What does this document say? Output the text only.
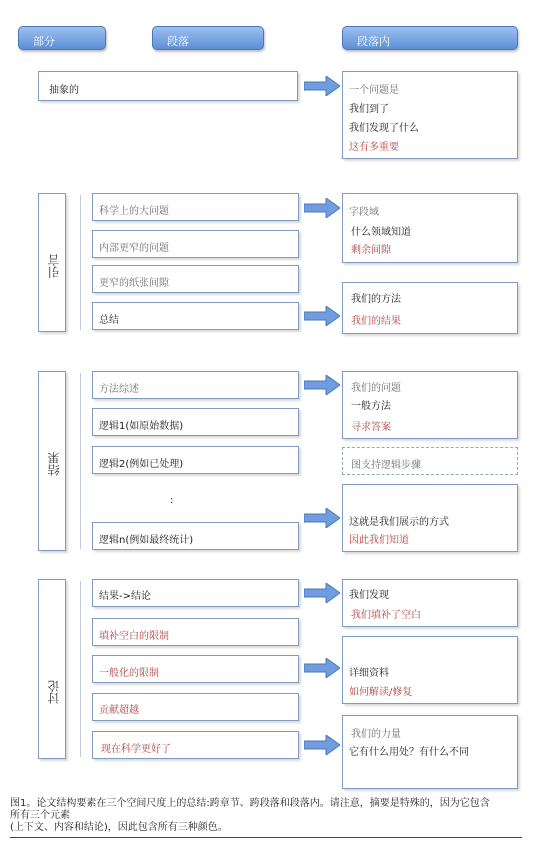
部分	段落	段落内
抽象的	一个问题是
我们到了
我们发现了什么
这有多重要
引言
科学上的大问题
内部更窄的问题
更窄的纸张间隙
总结
字段域
什么领域知道
剩余间隙
我们的方法
我们的结果
结果
方法综述
逻辑1(如原始数据)
逻辑2(例如已处理)
:
逻辑n(例如最终统计)
我们的问题
一般方法
寻求答案
图支持逻辑步骤
这就是我们展示的方式
因此我们知道
讨论
结果->结论
填补空白的限制
一般化的限制
贡献超越
现在科学更好了
我们发现
我们填补了空白
详细资料
如何解读/修复
我们的力量
它有什么用处？有什么不同
图1。论文结构要素在三个空间尺度上的总结:跨章节、跨段落和段落内。请注意，摘要是特殊的，因为它包含
所有三个元素
(上下文、内容和结论)，因此包含所有三种颜色。
